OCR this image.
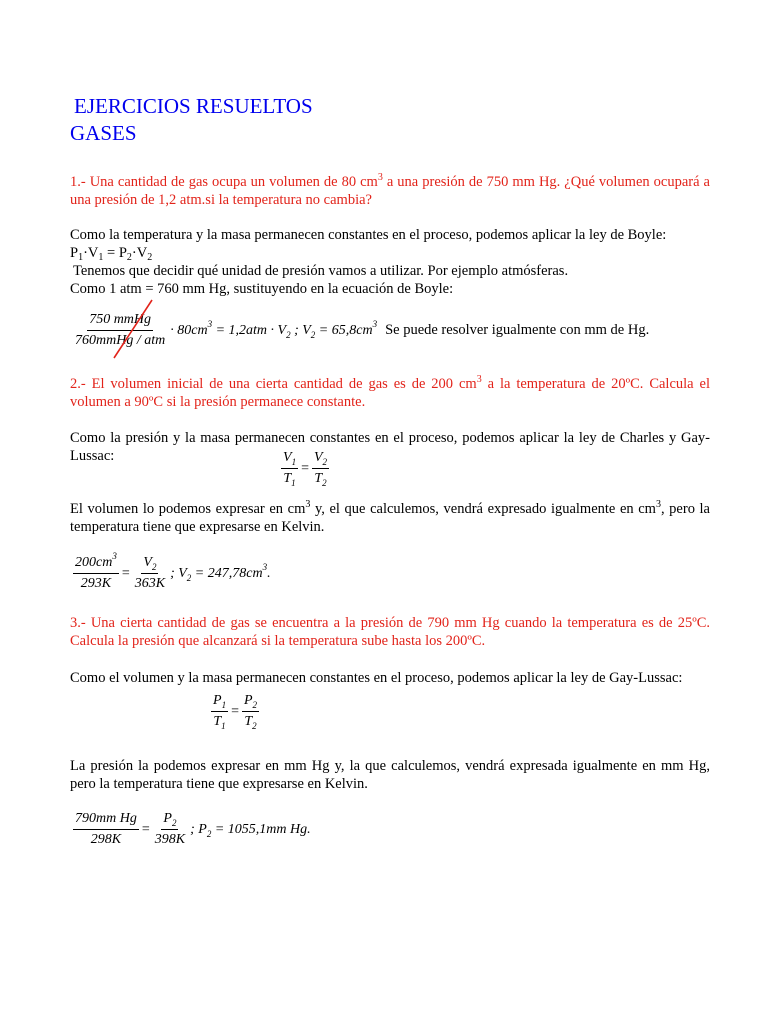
EJERCICIOS RESUELTOS
GASES
1.- Una cantidad de gas ocupa un volumen de 80 $cm^3$ a una presión de 750 mm Hg. ¿Qué volumen ocupará a una presión de 1,2 atm.si la temperatura no cambia?
Como la temperatura y la masa permanecen constantes en el proceso, podemos aplicar la ley de Boyle:
$P_1\cdot V_1 = P_2\cdot V_2$
Tenemos que decidir qué unidad de presión vamos a utilizar. Por ejemplo atmósferas.
Como 1 atm = 760 mm Hg, sustituyendo en la ecuación de Boyle:
$\frac{\text{750 mmHg}}{\text{760mmHg / atm}} \cdot 80cm^3 = 1,2atm \cdot V_2$ ; $V_2 = 65,8cm^3$ Se puede resolver igualmente con mm de Hg.
2.- El volumen inicial de una cierta cantidad de gas es de 200 $cm^3$ a la temperatura de 20ºC. Calcula el volumen a 90ºC si la presión permanece constante.
Como la presión y la masa permanecen constantes en el proceso, podemos aplicar la ley de Charles y Gay-Lussac:	$\frac{V_1}{T_1} = \frac{V_2}{T_2}$
El volumen lo podemos expresar en $cm^3$ y, el que calculemos, vendrá expresado igualmente en $cm^3$, pero la temperatura tiene que expresarse en Kelvin.
$\frac{200cm^3}{293K} = \frac{V_2}{363K}$ ; $V_2 = 247,78cm^3$.
3.- Una cierta cantidad de gas se encuentra a la presión de 790 mm Hg cuando la temperatura es de 25ºC. Calcula la presión que alcanzará si la temperatura sube hasta los 200ºC.
Como el volumen y la masa permanecen constantes en el proceso, podemos aplicar la ley de Gay-Lussac:
$\frac{P_1}{T_1} = \frac{P_2}{T_2}$
La presión la podemos expresar en mm Hg y, la que calculemos, vendrá expresada igualmente en mm Hg, pero la temperatura tiene que expresarse en Kelvin.
$\frac{\text{790mm Hg}}{298K} = \frac{P_2}{398K}$ ; $P_2 = 1055,1mm$ Hg.
